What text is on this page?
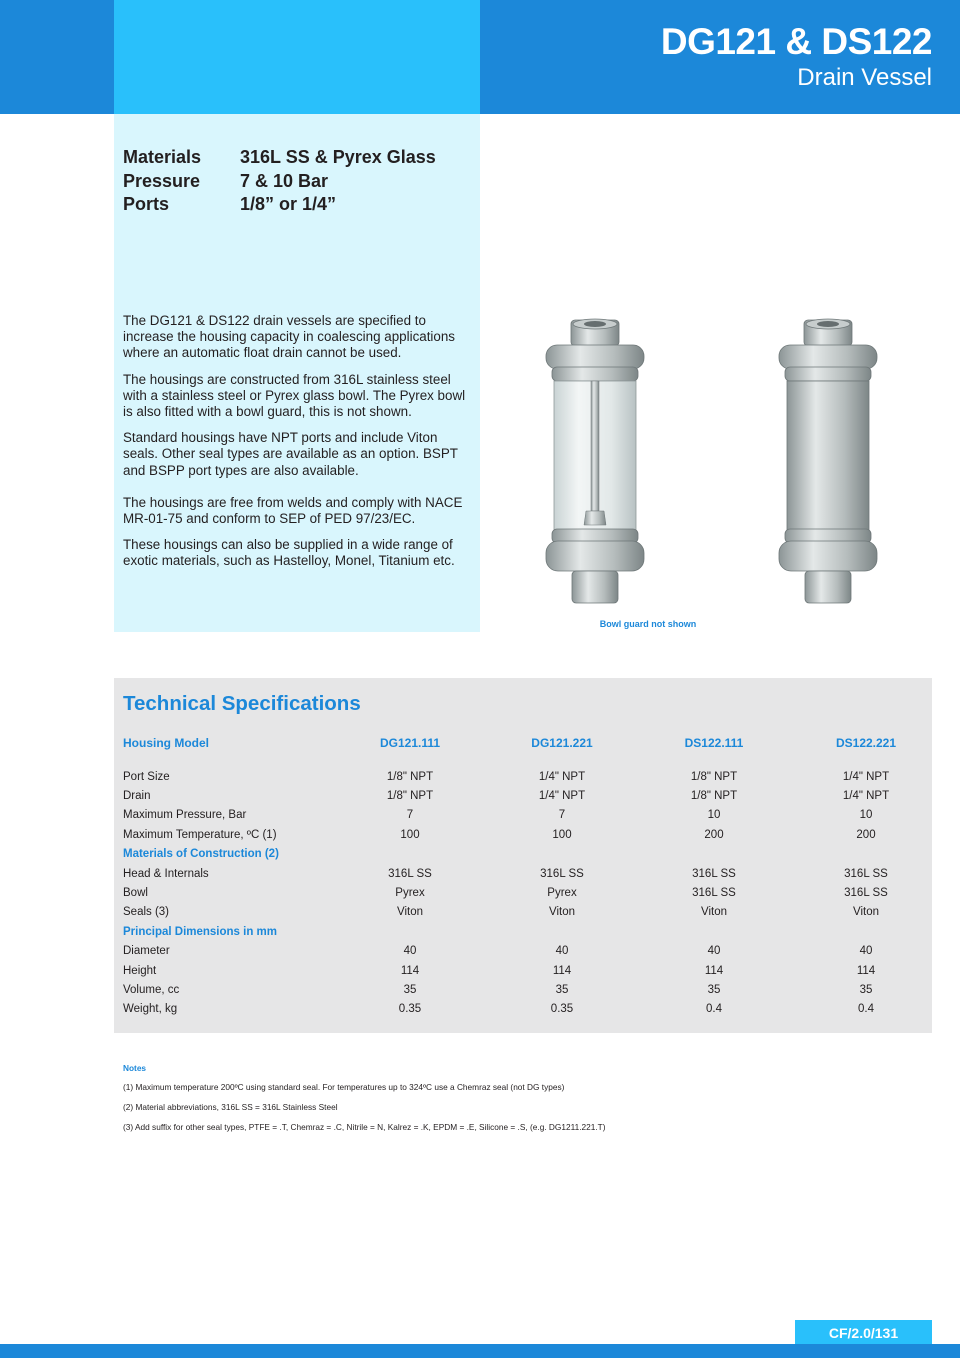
DG121 & DS122
Drain Vessel
Materials	316L SS & Pyrex Glass
Pressure	7 & 10 Bar
Ports	1/8” or 1/4”

The DG121 & DS122 drain vessels are specified to increase the housing capacity in coalescing applications where an automatic float drain cannot be used.

The housings are constructed from 316L stainless steel with a stainless steel or Pyrex glass bowl. The Pyrex bowl is also fitted with a bowl guard, this is not shown.

Standard housings have NPT ports and include Viton seals. Other seal types are available as an option. BSPT and BSPP port types are also available.

The housings are free from welds and comply with NACE MR-01-75 and conform to SEP of PED 97/23/EC.

These housings can also be supplied in a wide range of exotic materials, such as Hastelloy, Monel, Titanium etc.

Bowl guard not shown
Technical Specifications
Housing Model	DG121.111	DG121.221	DS122.111	DS122.221

Port Size	1/8" NPT	1/4" NPT	1/8" NPT	1/4" NPT
Drain	1/8" NPT	1/4" NPT	1/8" NPT	1/4" NPT
Maximum Pressure, Bar	7	7	10	10
Maximum Temperature, ºC (1)	100	100	200	200
Materials of Construction (2)				
Head & Internals	316L SS	316L SS	316L SS	316L SS
Bowl	Pyrex	Pyrex	316L SS	316L SS
Seals (3)	Viton	Viton	Viton	Viton
Principal Dimensions in mm				
Diameter	40	40	40	40
Height	114	114	114	114
Volume, cc	35	35	35	35
Weight, kg	0.35	0.35	0.4	0.4
Notes
(1) Maximum temperature 200ºC using standard seal. For temperatures up to 324ºC use a Chemraz seal (not DG types)
(2) Material abbreviations, 316L SS = 316L Stainless Steel
(3) Add suffix for other seal types, PTFE = .T, Chemraz = .C, Nitrile = N, Kalrez = .K, EPDM = .E, Silicone = .S, (e.g. DG1211.221.T)
CF/2.0/131
